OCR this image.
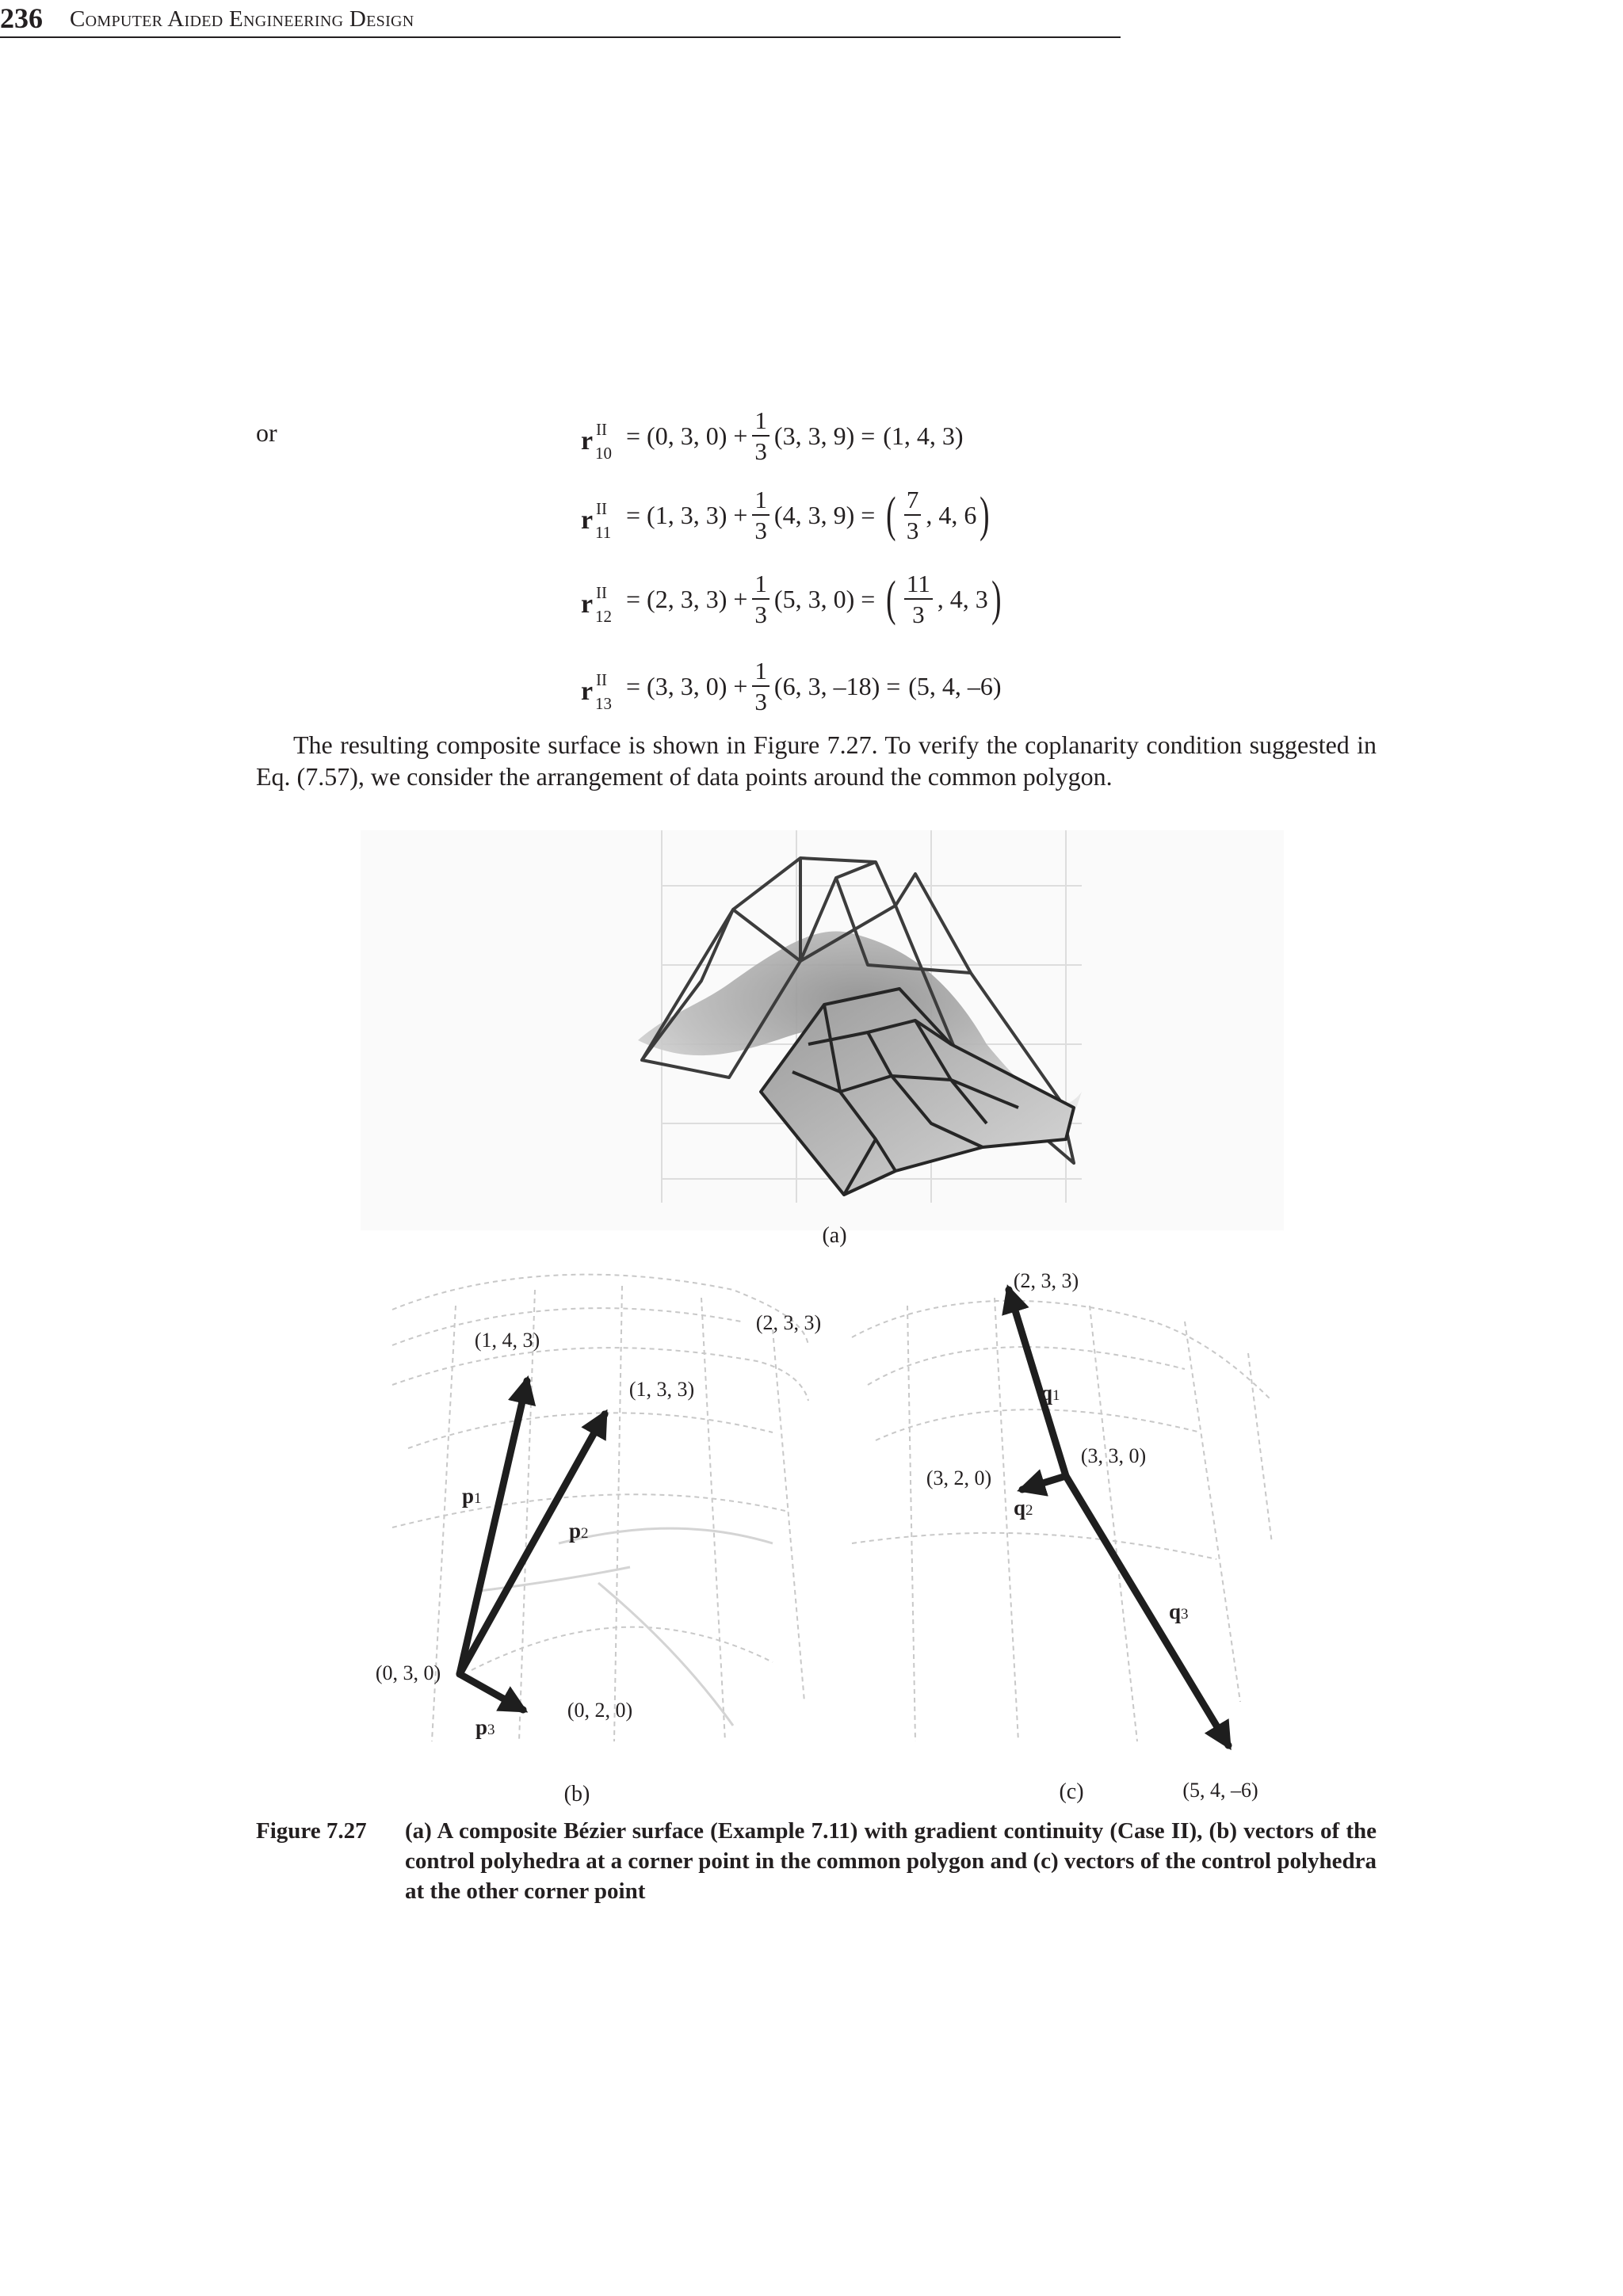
236 Computer Aided Engineering Design
or	r II
10
= (0, 3, $0) + \frac{1}{3} (3$, 3, 9) = (1, 4, 3)
r II
11
= (1, 3, $3) + \frac{1}{3} (4$, 3, 9) = ( $\frac{7}{3}$ , 4, 6 )
r II
12
= (2, 3, $3) + \frac{1}{3} (5$, 3, 0) = ( $\frac{11}{3}$ , 4, 3 )
r II
13
= (3, 3, $0) + \frac{1}{3} (6$, 3, –18) = (5, 4, –6)
The resulting composite surface is shown in Figure 7.27. To verify the coplanarity condition suggested in Eq. (7.57), we consider the arrangement of data points around the common polygon.
(a)
(b)	(c)
(1, 4, 3)
(2, 3, 3)
(1, 3, 3)
(0, 3, 0)
(0, 2, 0)
p1
p2
p3
(2, 3, 3)
(3, 3, 0)
(3, 2, 0)
(5, 4, –6)
q1
q2
q3
Figure 7.27 (a) A composite Bézier surface (Example 7.11) with gradient continuity (Case II), (b) vectors of the control polyhedra at a corner point in the common polygon and (c) vectors of the control polyhedra at the other corner point
